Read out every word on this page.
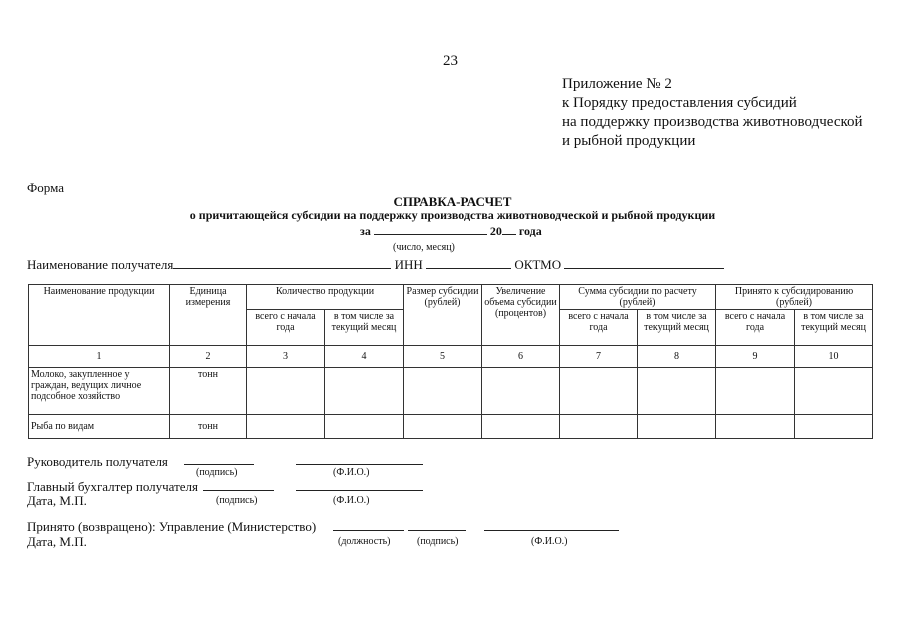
23
Приложение № 2
к Порядку предоставления субсидий
на поддержку производства животноводческой
и рыбной продукции
Форма
СПРАВКА-РАСЧЕТ
о причитающейся субсидии на поддержку производства животноводческой и рыбной продукции
за	20 года
(число, месяц)
Наименование получателя	ИНН	ОКТМО
Наименование продукции	Единица измерения	Количество продукции		Размер субсидии (рублей)	Увеличение объема субсидии (процентов)	Сумма субсидии по расчету (рублей)		Принято к субсидированию (рублей)	
		всего с начала года	в том числе за текущий месяц			всего с начала года	в том числе за текущий месяц	всего с начала года	в том числе за текущий месяц
1	2	3	4	5	6	7	8	9	10
Молоко, закупленное у граждан, ведущих личное подсобное хозяйство	тонн								
Рыба по видам	тонн								
Руководитель получателя
(подпись)	(Ф.И.О.)
Главный бухгалтер получателя
Дата, М.П.	(подпись)	(Ф.И.О.)
Принято (возвращено): Управление (Министерство)
Дата, М.П.	(должность)	(подпись)	(Ф.И.О.)
